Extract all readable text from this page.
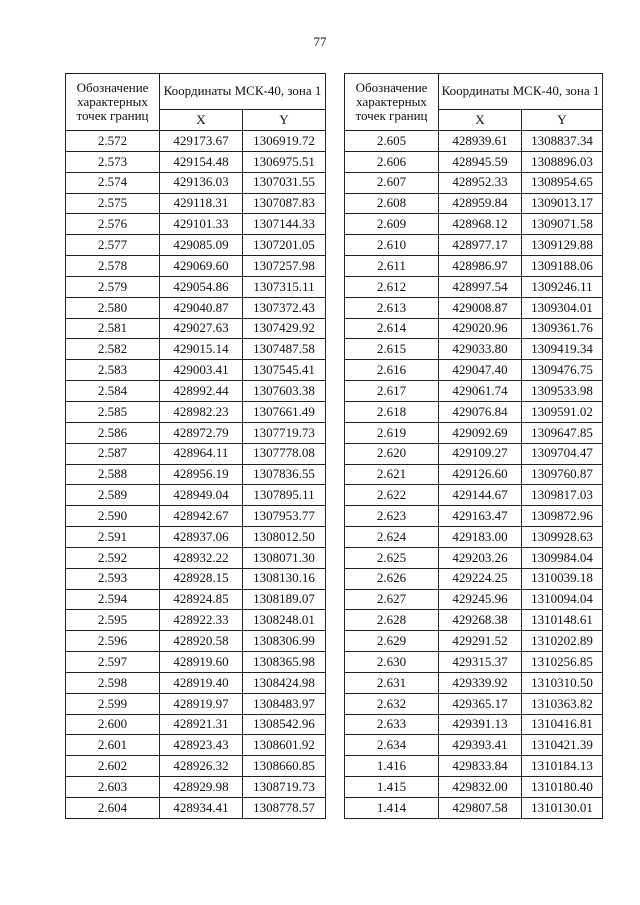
77
Обозначение характерных точек границ	Координаты МСК-40, зона 1	
	X	Y
2.572	429173.67	1306919.72
2.573	429154.48	1306975.51
2.574	429136.03	1307031.55
2.575	429118.31	1307087.83
2.576	429101.33	1307144.33
2.577	429085.09	1307201.05
2.578	429069.60	1307257.98
2.579	429054.86	1307315.11
2.580	429040.87	1307372.43
2.581	429027.63	1307429.92
2.582	429015.14	1307487.58
2.583	429003.41	1307545.41
2.584	428992.44	1307603.38
2.585	428982.23	1307661.49
2.586	428972.79	1307719.73
2.587	428964.11	1307778.08
2.588	428956.19	1307836.55
2.589	428949.04	1307895.11
2.590	428942.67	1307953.77
2.591	428937.06	1308012.50
2.592	428932.22	1308071.30
2.593	428928.15	1308130.16
2.594	428924.85	1308189.07
2.595	428922.33	1308248.01
2.596	428920.58	1308306.99
2.597	428919.60	1308365.98
2.598	428919.40	1308424.98
2.599	428919.97	1308483.97
2.600	428921.31	1308542.96
2.601	428923.43	1308601.92
2.602	428926.32	1308660.85
2.603	428929.98	1308719.73
2.604	428934.41	1308778.57
Обозначение характерных точек границ	Координаты МСК-40, зона 1	
	X	Y
2.605	428939.61	1308837.34
2.606	428945.59	1308896.03
2.607	428952.33	1308954.65
2.608	428959.84	1309013.17
2.609	428968.12	1309071.58
2.610	428977.17	1309129.88
2.611	428986.97	1309188.06
2.612	428997.54	1309246.11
2.613	429008.87	1309304.01
2.614	429020.96	1309361.76
2.615	429033.80	1309419.34
2.616	429047.40	1309476.75
2.617	429061.74	1309533.98
2.618	429076.84	1309591.02
2.619	429092.69	1309647.85
2.620	429109.27	1309704.47
2.621	429126.60	1309760.87
2.622	429144.67	1309817.03
2.623	429163.47	1309872.96
2.624	429183.00	1309928.63
2.625	429203.26	1309984.04
2.626	429224.25	1310039.18
2.627	429245.96	1310094.04
2.628	429268.38	1310148.61
2.629	429291.52	1310202.89
2.630	429315.37	1310256.85
2.631	429339.92	1310310.50
2.632	429365.17	1310363.82
2.633	429391.13	1310416.81
2.634	429393.41	1310421.39
1.416	429833.84	1310184.13
1.415	429832.00	1310180.40
1.414	429807.58	1310130.01
